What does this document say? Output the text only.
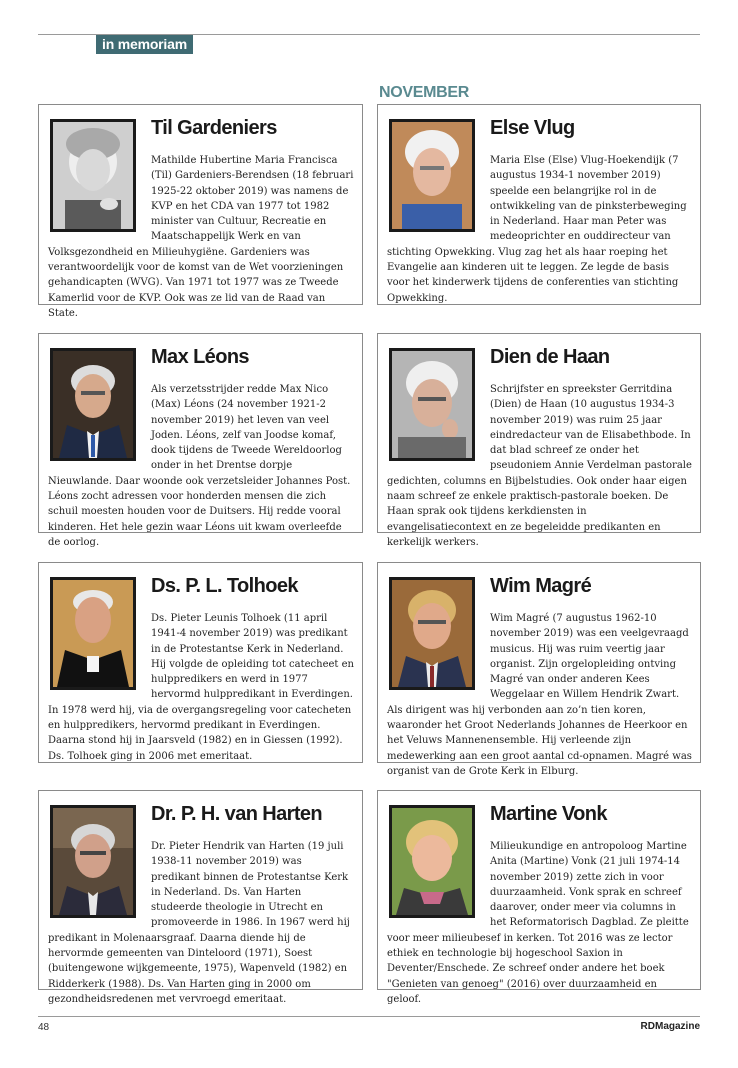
in memoriam
NOVEMBER
Til Gardeniers
Mathilde Hubertine Maria Francisca (Til) Gardeniers-Berendsen (18 februari 1925-22 oktober 2019) was namens de KVP en het CDA van 1977 tot 1982 minister van Cultuur, Recreatie en Maatschappelijk Werk en van Volksgezondheid en Milieuhygiëne. Gardeniers was verantwoordelijk voor de komst van de Wet voorzieningen gehandicapten (WVG). Van 1971 tot 1977 was ze Tweede Kamerlid voor de KVP. Ook was ze lid van de Raad van State.
Else Vlug
Maria Else (Else) Vlug-Hoekendijk (7 augustus 1934-1 november 2019) speelde een belangrijke rol in de ontwikkeling van de pinksterbeweging in Nederland. Haar man Peter was medeoprichter en ouddirecteur van stichting Opwekking. Vlug zag het als haar roeping het Evangelie aan kinderen uit te leggen. Ze legde de basis voor het kinderwerk tijdens de conferenties van stichting Opwekking.
Max Léons
Als verzetsstrijder redde Max Nico (Max) Léons (24 november 1921-2 november 2019) het leven van veel Joden. Léons, zelf van Joodse komaf, dook tijdens de Tweede Wereldoorlog onder in het Drentse dorpje Nieuwlande. Daar woonde ook verzetsleider Johannes Post. Léons zocht adressen voor honderden mensen die zich schuil moesten houden voor de Duitsers. Hij redde vooral kinderen. Het hele gezin waar Léons uit kwam overleefde de oorlog.
Dien de Haan
Schrijfster en spreekster Gerritdina (Dien) de Haan (10 augustus 1934-3 november 2019) was ruim 25 jaar eindredacteur van de Elisabethbode. In dat blad schreef ze onder het pseudoniem Annie Verdelman pastorale gedichten, columns en Bijbelstudies. Ook onder haar eigen naam schreef ze enkele praktisch-pastorale boeken. De Haan sprak ook tijdens kerkdiensten in evangelisatiecontext en ze begeleidde predikanten en kerkelijk werkers.
Ds. P. L. Tolhoek
Ds. Pieter Leunis Tolhoek (11 april 1941-4 november 2019) was predikant in de Protestantse Kerk in Nederland. Hij volgde de opleiding tot catecheet en hulppredikers en werd in 1977 hervormd hulppredikant in Everdingen. In 1978 werd hij, via de overgangsregeling voor catecheten en hulppredikers, hervormd predikant in Everdingen. Daarna stond hij in Jaarsveld (1982) en in Giessen (1992). Ds. Tolhoek ging in 2006 met emeritaat.
Wim Magré
Wim Magré (7 augustus 1962-10 november 2019) was een veelgevraagd musicus. Hij was ruim veertig jaar organist. Zijn orgelopleiding ontving Magré van onder anderen Kees Weggelaar en Willem Hendrik Zwart. Als dirigent was hij verbonden aan zo’n tien koren, waaronder het Groot Nederlands Johannes de Heerkoor en het Veluws Mannenensemble. Hij verleende zijn medewerking aan een groot aantal cd-opnamen. Magré was organist van de Grote Kerk in Elburg.
Dr. P. H. van Harten
Dr. Pieter Hendrik van Harten (19 juli 1938-11 november 2019) was predikant binnen de Protestantse Kerk in Nederland. Ds. Van Harten studeerde theologie in Utrecht en promoveerde in 1986. In 1967 werd hij predikant in Molenaarsgraaf. Daarna diende hij de hervormde gemeenten van Dinteloord (1971), Soest (buitengewone wijkgemeente, 1975), Wapenveld (1982) en Ridderkerk (1988). Ds. Van Harten ging in 2000 om gezondheidsredenen met vervroegd emeritaat.
Martine Vonk
Milieukundige en antropoloog Martine Anita (Martine) Vonk (21 juli 1974-14 november 2019) zette zich in voor duurzaamheid. Vonk sprak en schreef daarover, onder meer via columns in het Reformatorisch Dagblad. Ze pleitte voor meer milieubesef in kerken. Tot 2016 was ze lector ethiek en technologie bij hogeschool Saxion in Deventer/Enschede. Ze schreef onder andere het boek "Genieten van genoeg" (2016) over duurzaamheid en geloof.
48	RDMagazine
